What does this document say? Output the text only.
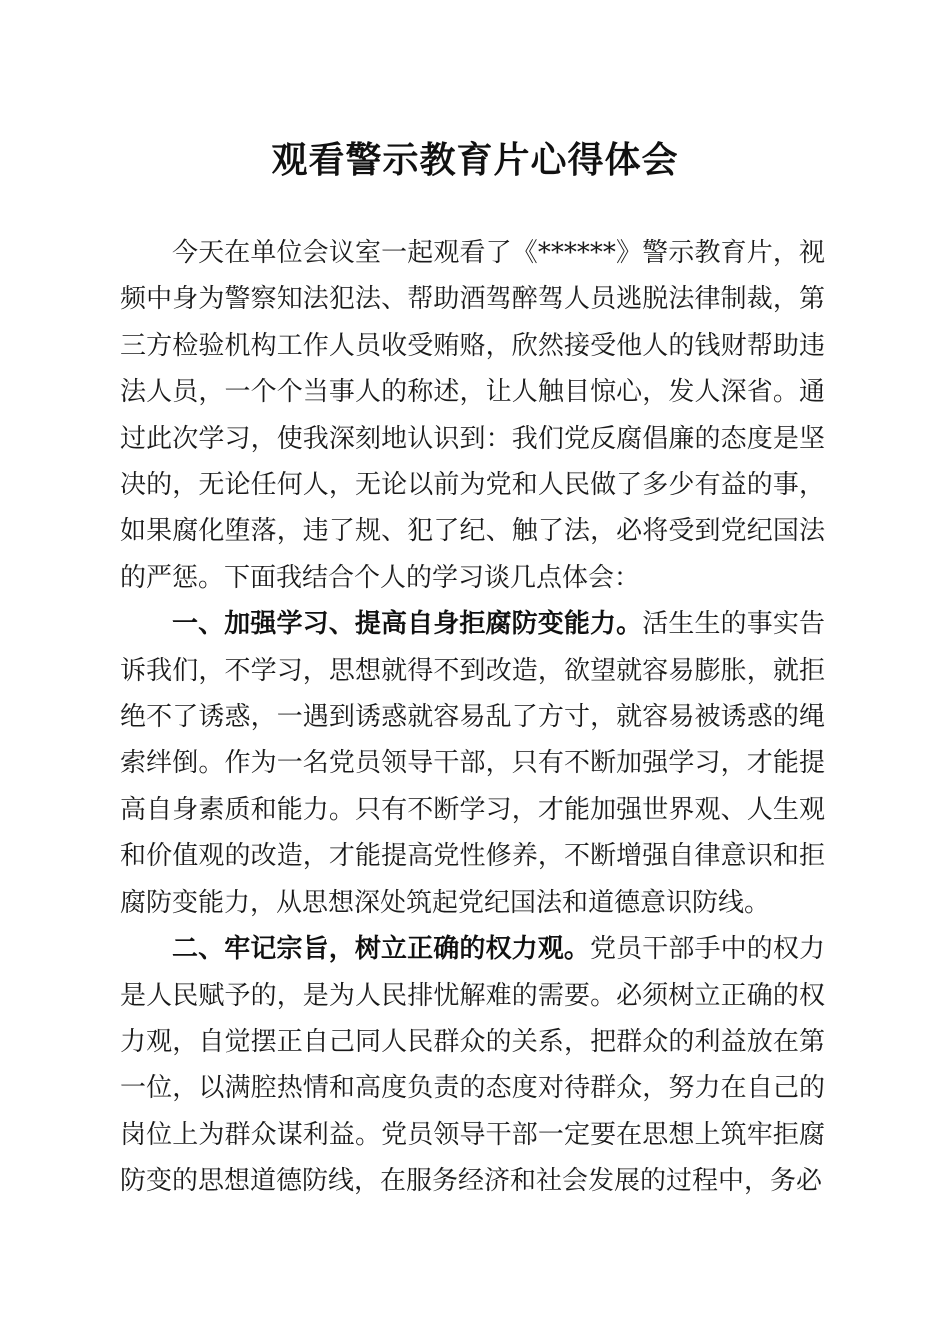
观看警示教育片心得体会

今天在单位会议室一起观看了《******》警示教育片，视频中身为警察知法犯法、帮助酒驾醉驾人员逃脱法律制裁，第三方检验机构工作人员收受贿赂，欣然接受他人的钱财帮助违法人员，一个个当事人的称述，让人触目惊心，发人深省。通过此次学习，使我深刻地认识到：我们党反腐倡廉的态度是坚决的，无论任何人，无论以前为党和人民做了多少有益的事，如果腐化堕落，违了规、犯了纪、触了法，必将受到党纪国法的严惩。下面我结合个人的学习谈几点体会：

一、加强学习、提高自身拒腐防变能力。活生生的事实告诉我们，不学习，思想就得不到改造，欲望就容易膨胀，就拒绝不了诱惑，一遇到诱惑就容易乱了方寸，就容易被诱惑的绳索绊倒。作为一名党员领导干部，只有不断加强学习，才能提高自身素质和能力。只有不断学习，才能加强世界观、人生观和价值观的改造，才能提高党性修养，不断增强自律意识和拒腐防变能力，从思想深处筑起党纪国法和道德意识防线。

二、牢记宗旨，树立正确的权力观。党员干部手中的权力是人民赋予的，是为人民排忧解难的需要。必须树立正确的权力观，自觉摆正自己同人民群众的关系，把群众的利益放在第一位，以满腔热情和高度负责的态度对待群众，努力在自己的岗位上为群众谋利益。党员领导干部一定要在思想上筑牢拒腐防变的思想道德防线，在服务经济和社会发展的过程中，务必
